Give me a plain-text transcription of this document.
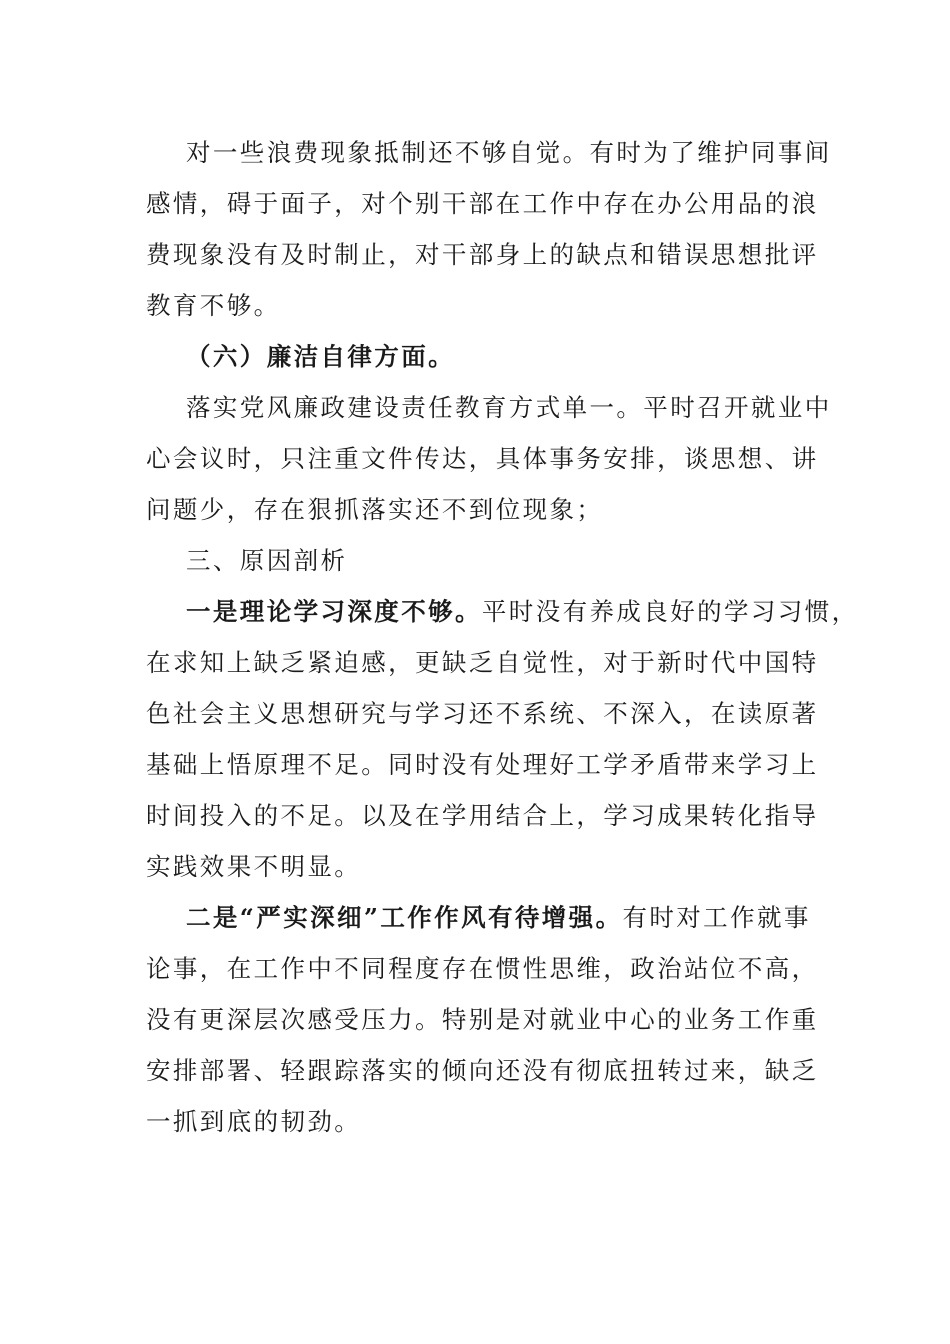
对一些浪费现象抵制还不够自觉。有时为了维护同事间
感情，碍于面子，对个别干部在工作中存在办公用品的浪
费现象没有及时制止，对干部身上的缺点和错误思想批评
教育不够。
（六）廉洁自律方面。
落实党风廉政建设责任教育方式单一。平时召开就业中
心会议时，只注重文件传达，具体事务安排，谈思想、讲
问题少，存在狠抓落实还不到位现象；
三、原因剖析
一是理论学习深度不够。平时没有养成良好的学习习惯，
在求知上缺乏紧迫感，更缺乏自觉性，对于新时代中国特
色社会主义思想研究与学习还不系统、不深入，在读原著
基础上悟原理不足。同时没有处理好工学矛盾带来学习上
时间投入的不足。以及在学用结合上，学习成果转化指导
实践效果不明显。
二是“严实深细”工作作风有待增强。有时对工作就事
论事，在工作中不同程度存在惯性思维，政治站位不高，
没有更深层次感受压力。特别是对就业中心的业务工作重
安排部署、轻跟踪落实的倾向还没有彻底扭转过来，缺乏
一抓到底的韧劲。
